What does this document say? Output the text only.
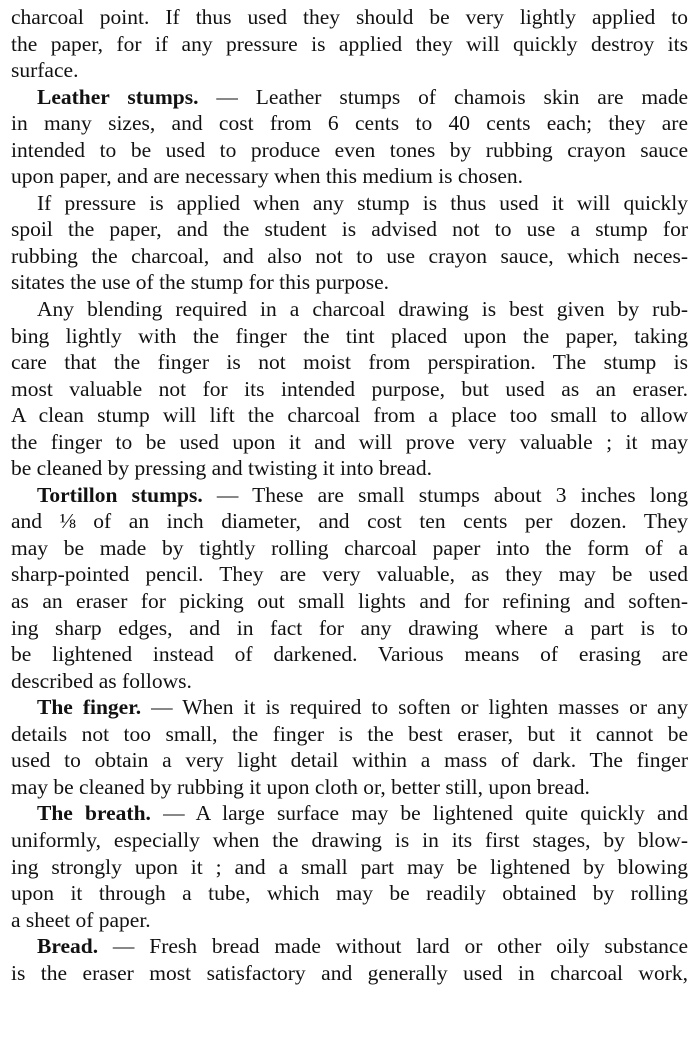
charcoal point. If thus used they should be very lightly applied to
the paper, for if any pressure is applied they will quickly destroy its
surface.
Leather stumps. — Leather stumps of chamois skin are made
in many sizes, and cost from 6 cents to 40 cents each; they are
intended to be used to produce even tones by rubbing crayon sauce
upon paper, and are necessary when this medium is chosen.
If pressure is applied when any stump is thus used it will quickly
spoil the paper, and the student is advised not to use a stump for
rubbing the charcoal, and also not to use crayon sauce, which neces-
sitates the use of the stump for this purpose.
Any blending required in a charcoal drawing is best given by rub-
bing lightly with the finger the tint placed upon the paper, taking
care that the finger is not moist from perspiration. The stump is
most valuable not for its intended purpose, but used as an eraser.
A clean stump will lift the charcoal from a place too small to allow
the finger to be used upon it and will prove very valuable ; it may
be cleaned by pressing and twisting it into bread.
Tortillon stumps. — These are small stumps about 3 inches long
and ⅛ of an inch diameter, and cost ten cents per dozen. They
may be made by tightly rolling charcoal paper into the form of a
sharp-pointed pencil. They are very valuable, as they may be used
as an eraser for picking out small lights and for refining and soften-
ing sharp edges, and in fact for any drawing where a part is to
be lightened instead of darkened. Various means of erasing are
described as follows.
The finger. — When it is required to soften or lighten masses or any
details not too small, the finger is the best eraser, but it cannot be
used to obtain a very light detail within a mass of dark. The finger
may be cleaned by rubbing it upon cloth or, better still, upon bread.
The breath. — A large surface may be lightened quite quickly and
uniformly, especially when the drawing is in its first stages, by blow-
ing strongly upon it ; and a small part may be lightened by blowing
upon it through a tube, which may be readily obtained by rolling
a sheet of paper.
Bread. — Fresh bread made without lard or other oily substance
is the eraser most satisfactory and generally used in charcoal work,
